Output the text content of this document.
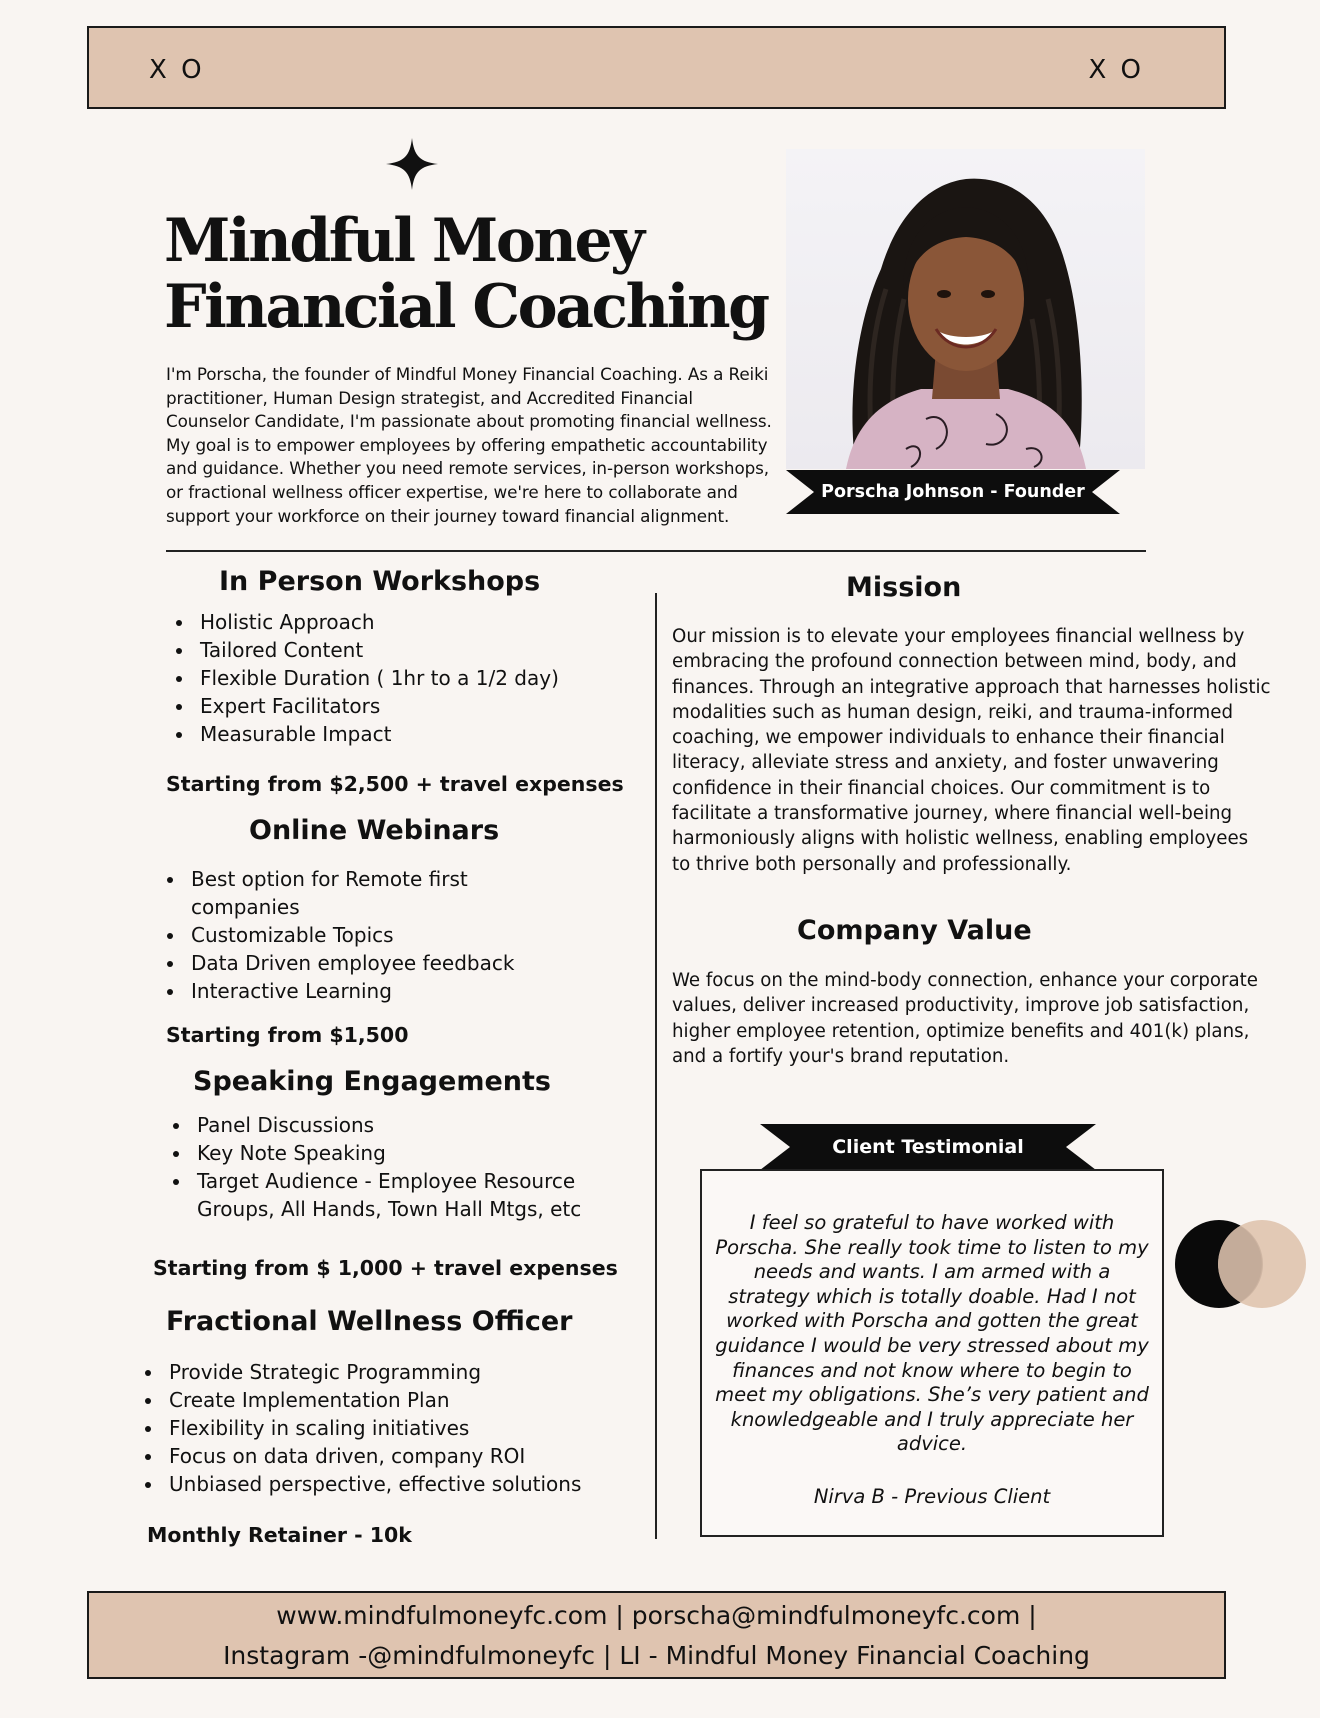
X O	X O
Mindful Money
Financial Coaching
I'm Porscha, the founder of Mindful Money Financial Coaching. As a Reiki practitioner, Human Design strategist, and Accredited Financial Counselor Candidate, I'm passionate about promoting financial wellness. My goal is to empower employees by offering empathetic accountability and guidance. Whether you need remote services, in-person workshops, or fractional wellness officer expertise, we're here to collaborate and support your workforce on their journey toward financial alignment.
Porscha Johnson - Founder
In Person Workshops
Holistic Approach
Tailored Content
Flexible Duration ( 1hr to a 1/2 day)
Expert Facilitators
Measurable Impact
Starting from $2,500 + travel expenses
Online Webinars
Best option for Remote first companies
Customizable Topics
Data Driven employee feedback
Interactive Learning
Starting from $1,500
Speaking Engagements
Panel Discussions
Key Note Speaking
Target Audience - Employee Resource Groups, All Hands, Town Hall Mtgs, etc
Starting from $ 1,000 + travel expenses
Fractional Wellness Officer
Provide Strategic Programming
Create Implementation Plan
Flexibility in scaling initiatives
Focus on data driven, company ROI
Unbiased perspective, effective solutions
Monthly Retainer - 10k
Mission
Our mission is to elevate your employees financial wellness by embracing the profound connection between mind, body, and finances. Through an integrative approach that harnesses holistic modalities such as human design, reiki, and trauma-informed coaching, we empower individuals to enhance their financial literacy, alleviate stress and anxiety, and foster unwavering confidence in their financial choices. Our commitment is to facilitate a transformative journey, where financial well-being harmoniously aligns with holistic wellness, enabling employees to thrive both personally and professionally.
Company Value
We focus on the mind-body connection, enhance your corporate values, deliver increased productivity, improve job satisfaction, higher employee retention, optimize benefits and 401(k) plans, and a fortify your's brand reputation.
Client Testimonial
I feel so grateful to have worked with Porscha. She really took time to listen to my needs and wants. I am armed with a strategy which is totally doable. Had I not worked with Porscha and gotten the great guidance I would be very stressed about my finances and not know where to begin to meet my obligations. She’s very patient and knowledgeable and I truly appreciate her advice.
Nirva B - Previous Client
www.mindfulmoneyfc.com | porscha@mindfulmoneyfc.com |
Instagram -@mindfulmoneyfc | LI - Mindful Money Financial Coaching
